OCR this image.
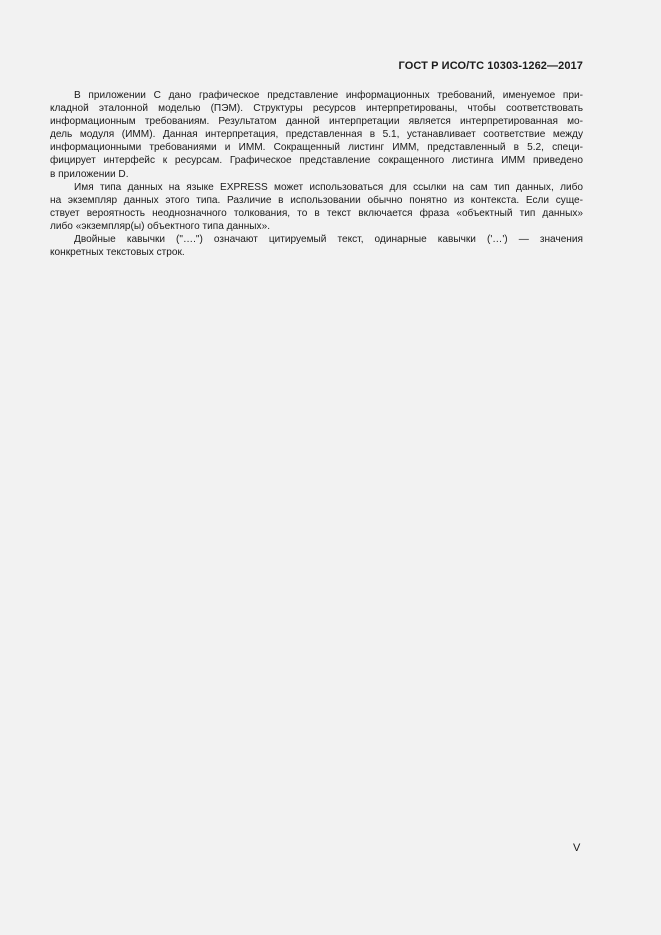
ГОСТ Р ИСО/ТС 10303-1262—2017

В приложении С дано графическое представление информационных требований, именуемое при-
кладной эталонной моделью (ПЭМ). Структуры ресурсов интерпретированы, чтобы соответствовать
информационным требованиям. Результатом данной интерпретации является интерпретированная мо-
дель модуля (ИММ). Данная интерпретация, представленная в 5.1, устанавливает соответствие между
информационными требованиями и ИММ. Сокращенный листинг ИММ, представленный в 5.2, специ-
фицирует интерфейс к ресурсам. Графическое представление сокращенного листинга ИММ приведено
в приложении D.

Имя типа данных на языке EXPRESS может использоваться для ссылки на сам тип данных, либо
на экземпляр данных этого типа. Различие в использовании обычно понятно из контекста. Если суще-
ствует вероятность неоднозначного толкования, то в текст включается фраза «объектный тип данных»
либо «экземпляр(ы) объектного типа данных».

Двойные кавычки ("….") означают цитируемый текст, одинарные кавычки ('…') — значения
конкретных текстовых строк.

V
